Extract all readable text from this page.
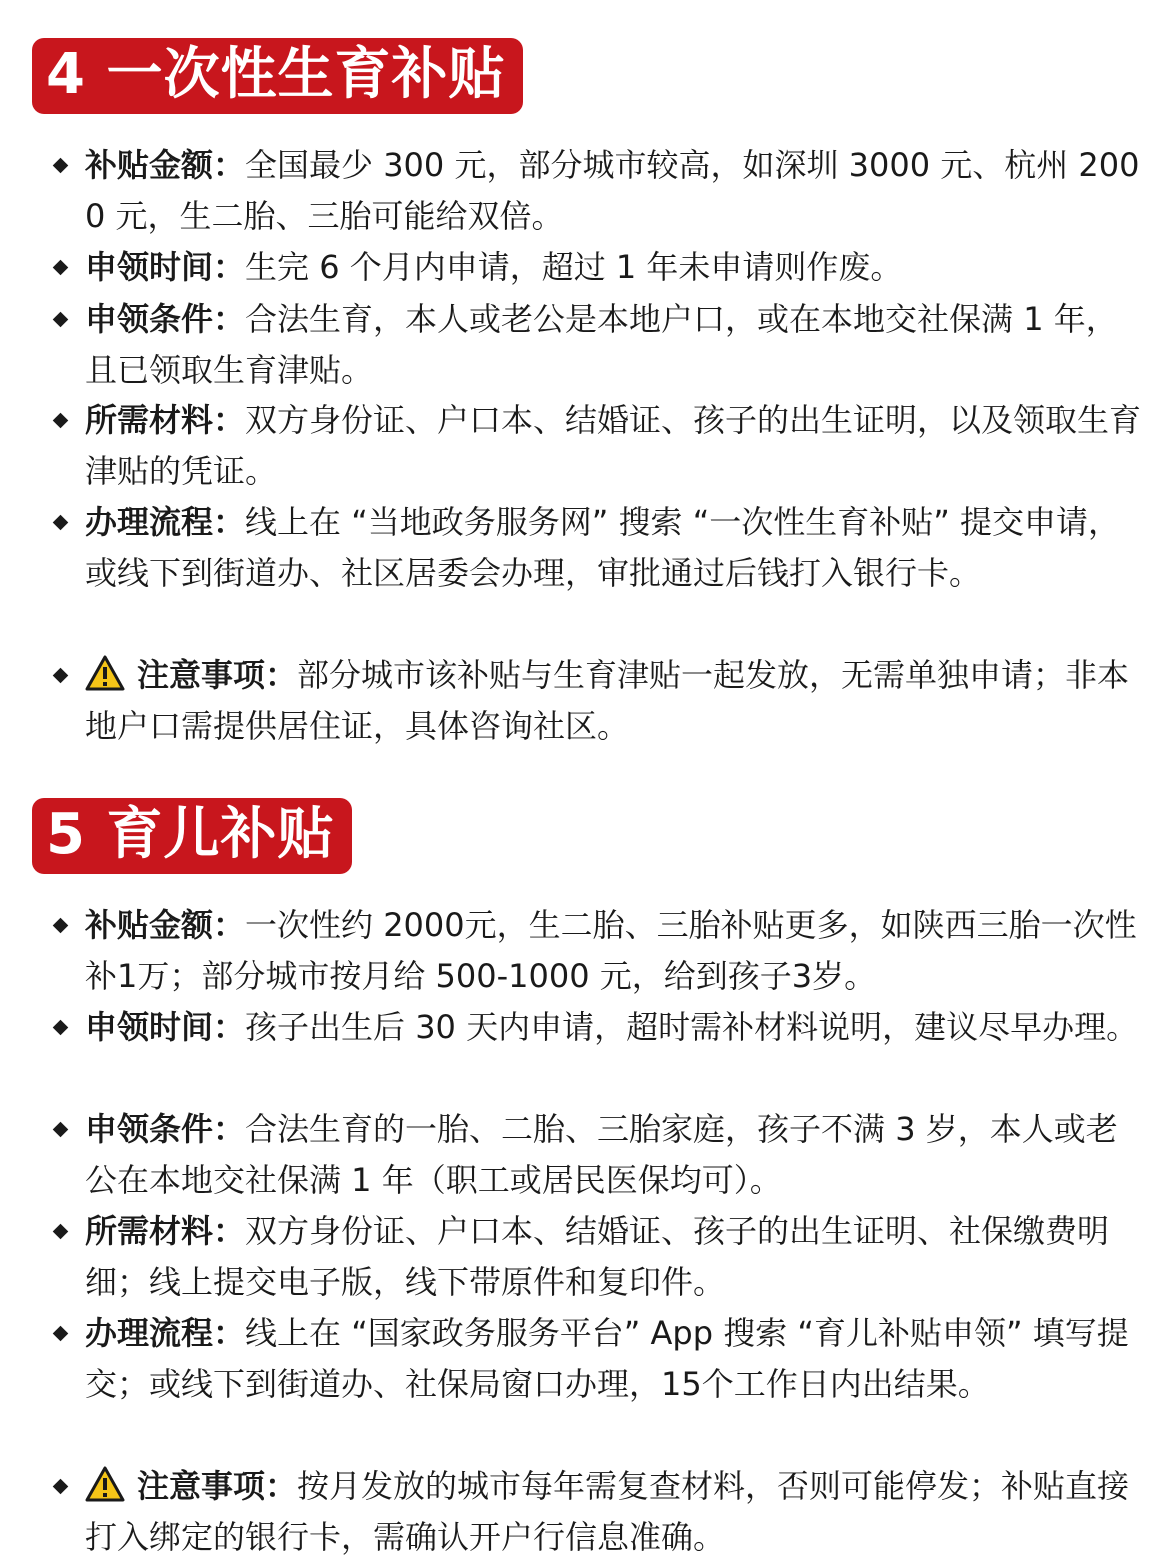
4 一次性生育补贴
补贴金额：全国最少 300 元，部分城市较高，如深圳 3000 元、杭州 2000 元，生二胎、三胎可能给双倍。
申领时间：生完 6 个月内申请，超过 1 年未申请则作废。
申领条件：合法生育，本人或老公是本地户口，或在本地交社保满 1 年，且已领取生育津贴。
所需材料：双方身份证、户口本、结婚证、孩子的出生证明，以及领取生育津贴的凭证。
办理流程：线上在 “当地政务服务网” 搜索 “一次性生育补贴” 提交申请，或线下到街道办、社区居委会办理，审批通过后钱打入银行卡。
注意事项：部分城市该补贴与生育津贴一起发放，无需单独申请；非本地户口需提供居住证，具体咨询社区。
5 育儿补贴
补贴金额：一次性约 2000元，生二胎、三胎补贴更多，如陕西三胎一次性补1万；部分城市按月给 500-1000 元，给到孩子3岁。
申领时间：孩子出生后 30 天内申请，超时需补材料说明，建议尽早办理。
申领条件：合法生育的一胎、二胎、三胎家庭，孩子不满 3 岁，本人或老公在本地交社保满 1 年（职工或居民医保均可）。
所需材料：双方身份证、户口本、结婚证、孩子的出生证明、社保缴费明细；线上提交电子版，线下带原件和复印件。
办理流程：线上在 “国家政务服务平台” App 搜索 “育儿补贴申领” 填写提交；或线下到街道办、社保局窗口办理，15个工作日内出结果。
注意事项：按月发放的城市每年需复查材料，否则可能停发；补贴直接打入绑定的银行卡，需确认开户行信息准确。
